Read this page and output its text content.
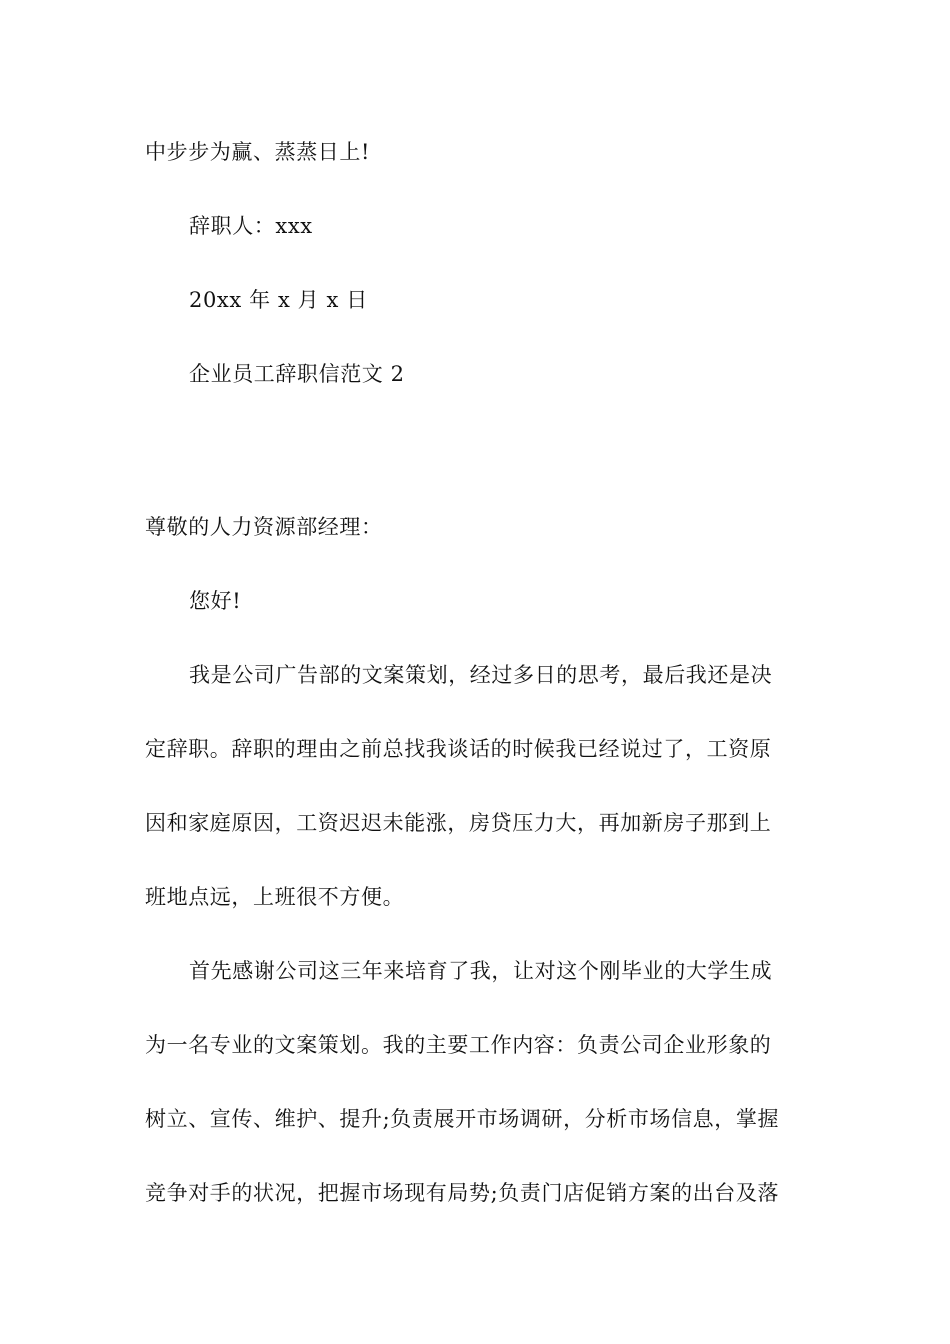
中步步为赢、蒸蒸日上!
辞职人：xxx
20xx 年 x 月 x 日
企业员工辞职信范文 2
尊敬的人力资源部经理：
您好!
我是公司广告部的文案策划，经过多日的思考，最后我还是决
定辞职。辞职的理由之前总找我谈话的时候我已经说过了，工资原
因和家庭原因，工资迟迟未能涨，房贷压力大，再加新房子那到上
班地点远，上班很不方便。
首先感谢公司这三年来培育了我，让对这个刚毕业的大学生成
为一名专业的文案策划。我的主要工作内容：负责公司企业形象的
树立、宣传、维护、提升;负责展开市场调研，分析市场信息，掌握
竞争对手的状况，把握市场现有局势;负责门店促销方案的出台及落
